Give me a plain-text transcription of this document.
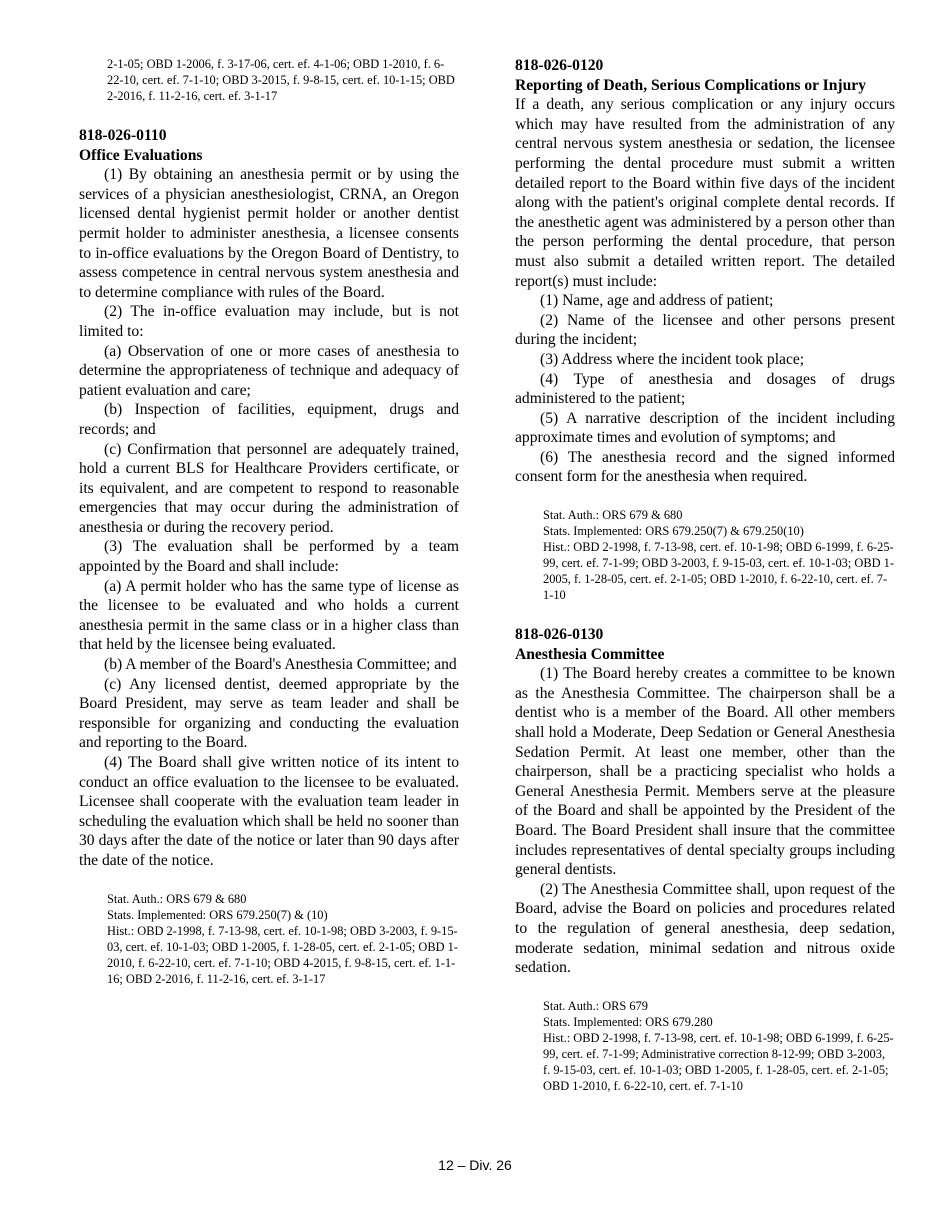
2-1-05; OBD 1-2006, f. 3-17-06, cert. ef. 4-1-06; OBD 1-2010, f. 6-22-10, cert. ef. 7-1-10; OBD 3-2015, f. 9-8-15, cert. ef. 10-1-15; OBD 2-2016, f. 11-2-16, cert. ef. 3-1-17

818-026-0110

Office Evaluations

(1) By obtaining an anesthesia permit or by using the services of a physician anesthesiologist, CRNA, an Oregon licensed dental hygienist permit holder or another dentist permit holder to administer anesthesia, a licensee consents to in-office evaluations by the Oregon Board of Dentistry, to assess competence in central nervous system anesthesia and to determine compliance with rules of the Board.

(2) The in-office evaluation may include, but is not limited to:

(a) Observation of one or more cases of anesthesia to determine the appropriateness of technique and adequacy of patient evaluation and care;

(b) Inspection of facilities, equipment, drugs and records; and

(c) Confirmation that personnel are adequately trained, hold a current BLS for Healthcare Providers certificate, or its equivalent, and are competent to respond to reasonable emergencies that may occur during the administration of anesthesia or during the recovery period.

(3) The evaluation shall be performed by a team appointed by the Board and shall include:

(a) A permit holder who has the same type of license as the licensee to be evaluated and who holds a current anesthesia permit in the same class or in a higher class than that held by the licensee being evaluated.

(b) A member of the Board's Anesthesia Committee; and

(c) Any licensed dentist, deemed appropriate by the Board President, may serve as team leader and shall be responsible for organizing and conducting the evaluation and reporting to the Board.

(4) The Board shall give written notice of its intent to conduct an office evaluation to the licensee to be evaluated. Licensee shall cooperate with the evaluation team leader in scheduling the evaluation which shall be held no sooner than 30 days after the date of the notice or later than 90 days after the date of the notice.

Stat. Auth.: ORS 679 & 680
Stats. Implemented: ORS 679.250(7) & (10)
Hist.: OBD 2-1998, f. 7-13-98, cert. ef. 10-1-98; OBD 3-2003, f. 9-15-03, cert. ef. 10-1-03; OBD 1-2005, f. 1-28-05, cert. ef. 2-1-05; OBD 1-2010, f. 6-22-10, cert. ef. 7-1-10; OBD 4-2015, f. 9-8-15, cert. ef. 1-1-16; OBD 2-2016, f. 11-2-16, cert. ef. 3-1-17

818-026-0120

Reporting of Death, Serious Complications or Injury

If a death, any serious complication or any injury occurs which may have resulted from the administration of any central nervous system anesthesia or sedation, the licensee performing the dental procedure must submit a written detailed report to the Board within five days of the incident along with the patient's original complete dental records. If the anesthetic agent was administered by a person other than the person performing the dental procedure, that person must also submit a detailed written report. The detailed report(s) must include:

(1) Name, age and address of patient;

(2) Name of the licensee and other persons present during the incident;

(3) Address where the incident took place;

(4) Type of anesthesia and dosages of drugs administered to the patient;

(5) A narrative description of the incident including approximate times and evolution of symptoms; and

(6) The anesthesia record and the signed informed consent form for the anesthesia when required.

Stat. Auth.: ORS 679 & 680
Stats. Implemented: ORS 679.250(7) & 679.250(10)
Hist.: OBD 2-1998, f. 7-13-98, cert. ef. 10-1-98; OBD 6-1999, f. 6-25-99, cert. ef. 7-1-99; OBD 3-2003, f. 9-15-03, cert. ef. 10-1-03; OBD 1-2005, f. 1-28-05, cert. ef. 2-1-05; OBD 1-2010, f. 6-22-10, cert. ef. 7-1-10

818-026-0130

Anesthesia Committee

(1) The Board hereby creates a committee to be known as the Anesthesia Committee. The chairperson shall be a dentist who is a member of the Board. All other members shall hold a Moderate, Deep Sedation or General Anesthesia Sedation Permit. At least one member, other than the chairperson, shall be a practicing specialist who holds a General Anesthesia Permit. Members serve at the pleasure of the Board and shall be appointed by the President of the Board. The Board President shall insure that the committee includes representatives of dental specialty groups including general dentists.

(2) The Anesthesia Committee shall, upon request of the Board, advise the Board on policies and procedures related to the regulation of general anesthesia, deep sedation, moderate sedation, minimal sedation and nitrous oxide sedation.

Stat. Auth.: ORS 679
Stats. Implemented: ORS 679.280
Hist.: OBD 2-1998, f. 7-13-98, cert. ef. 10-1-98; OBD 6-1999, f. 6-25-99, cert. ef. 7-1-99; Administrative correction 8-12-99; OBD 3-2003, f. 9-15-03, cert. ef. 10-1-03; OBD 1-2005, f. 1-28-05, cert. ef. 2-1-05; OBD 1-2010, f. 6-22-10, cert. ef. 7-1-10
12 – Div. 26
